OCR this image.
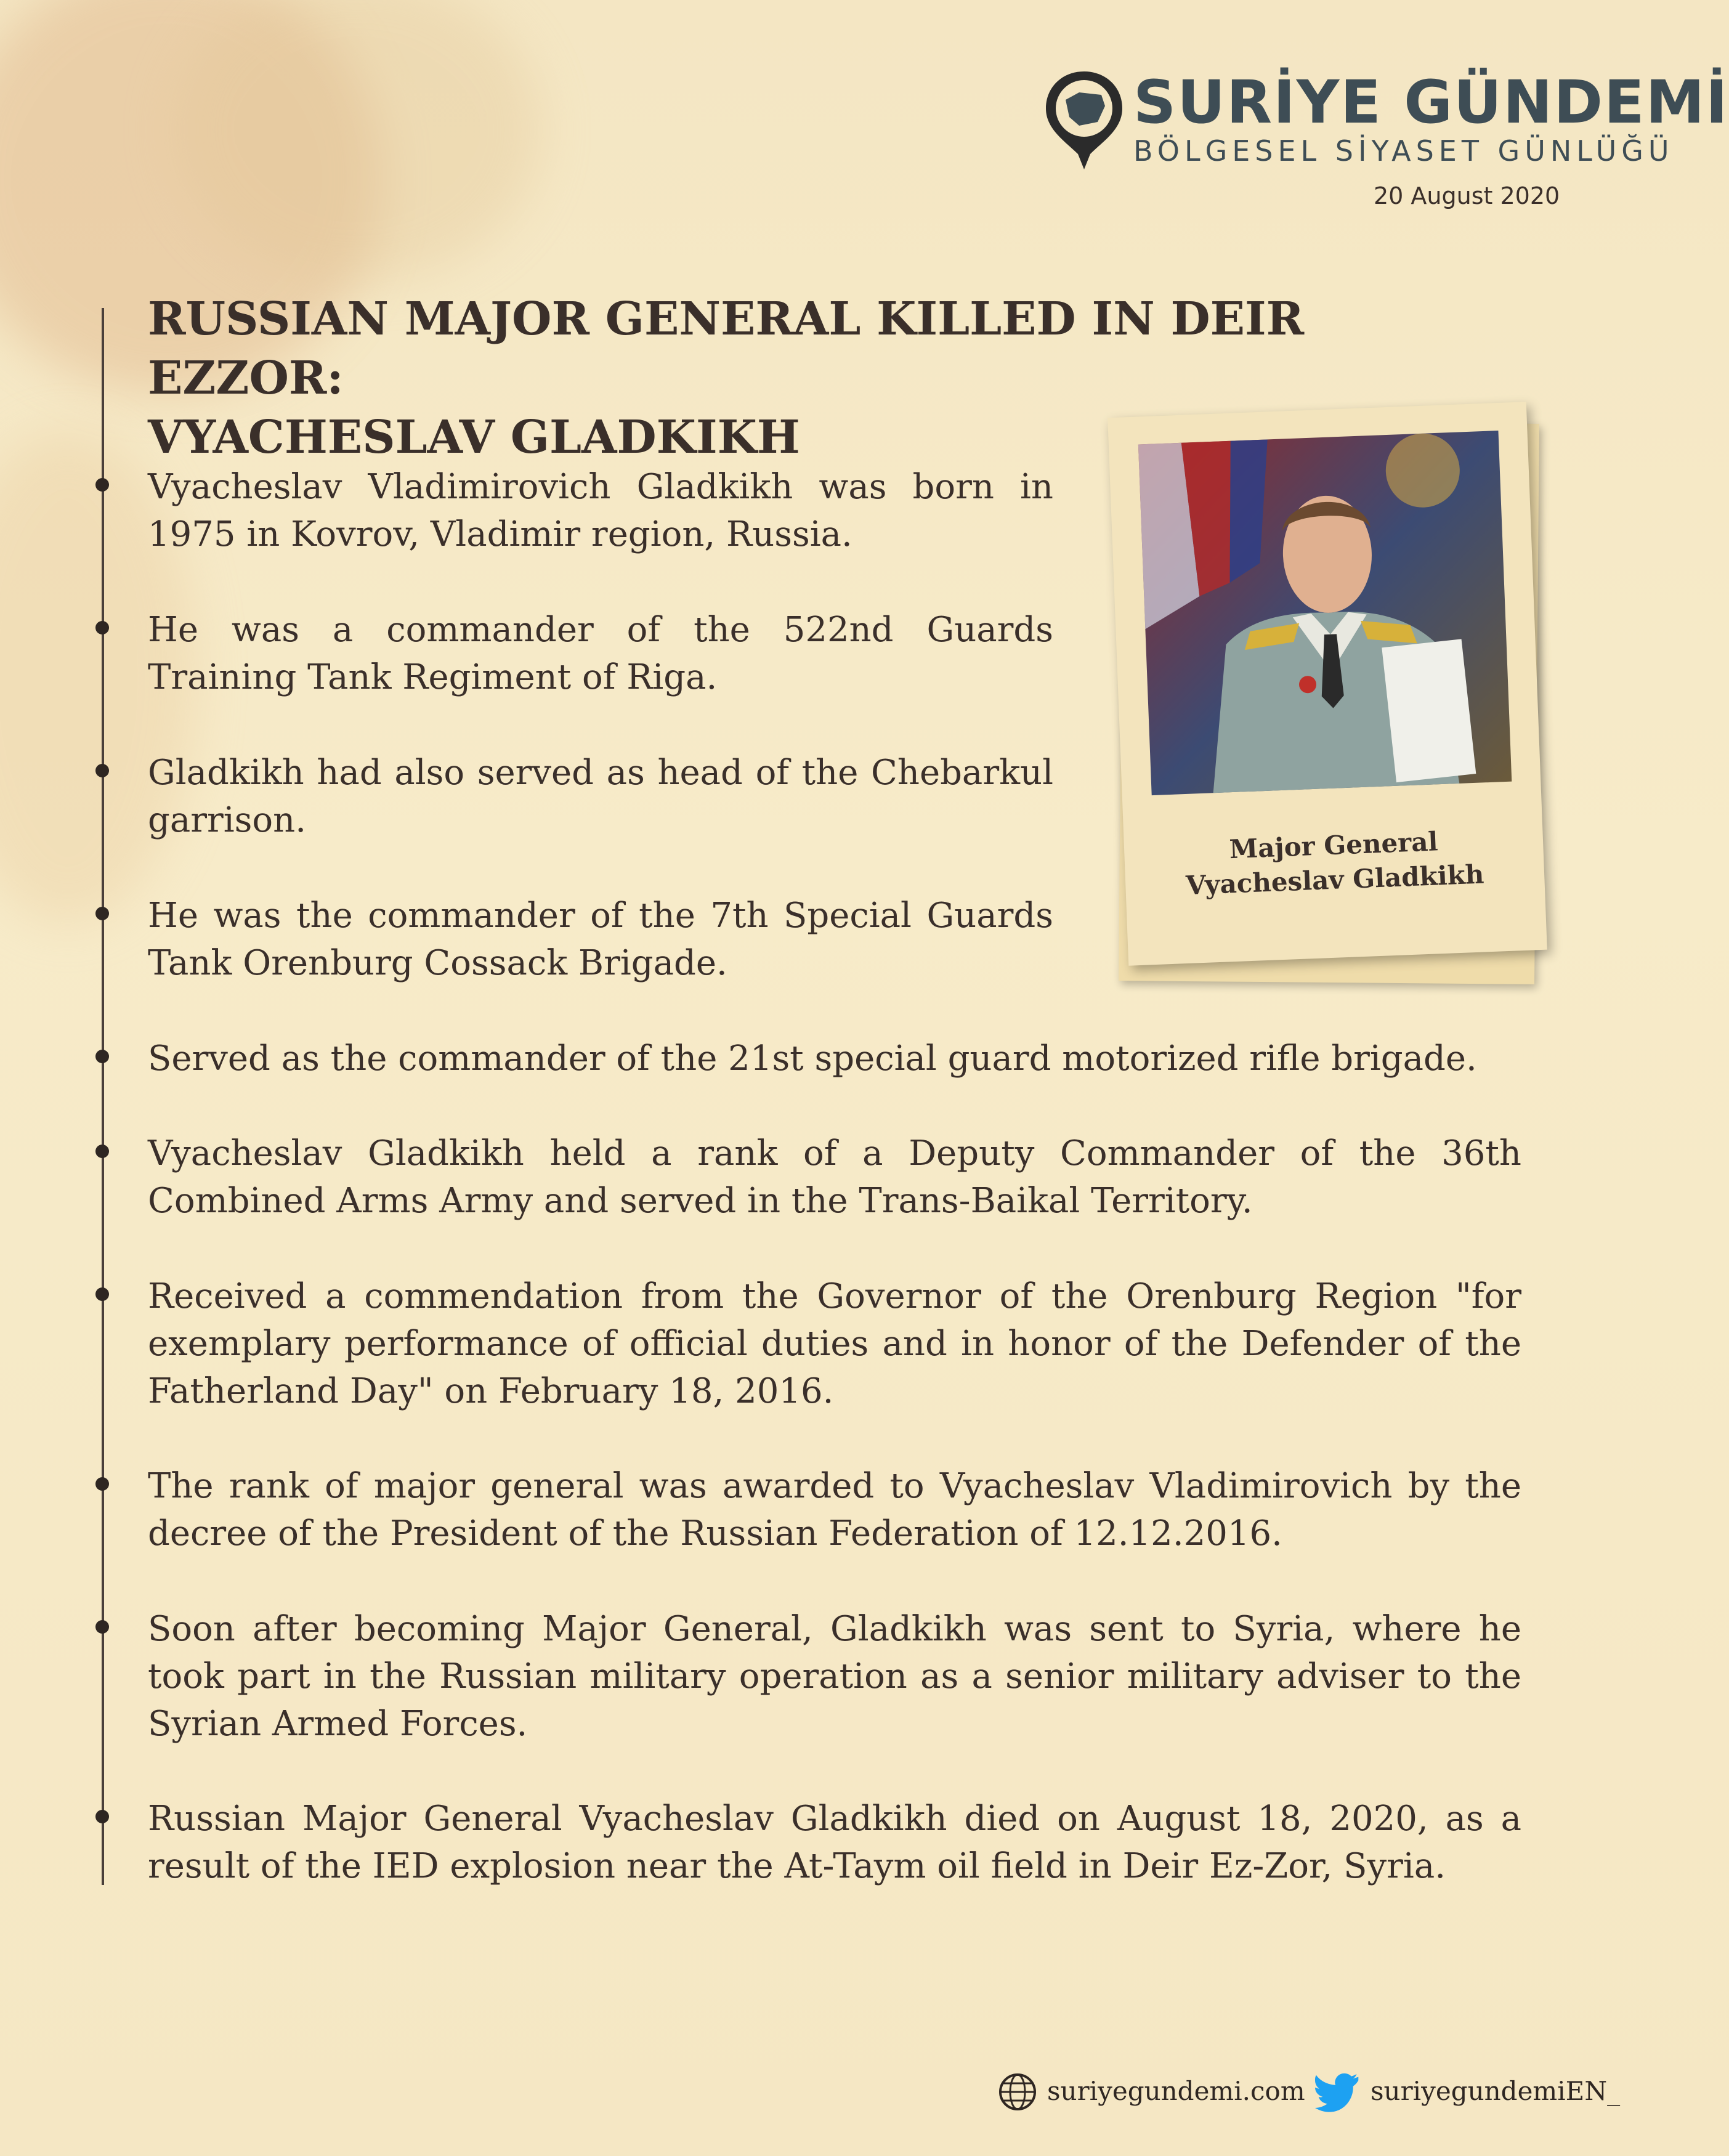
SURİYE GÜNDEMİ
BÖLGESEL SİYASET GÜNLÜĞÜ
20 August 2020
RUSSIAN MAJOR GENERAL KILLED IN DEIR EZZOR:
VYACHESLAV GLADKIKH
Vyacheslav Vladimirovich Gladkikh was born in 1975 in Kovrov, Vladimir region, Russia.
He was a commander of the 522nd Guards Training Tank Regiment of Riga.
Gladkikh had also served as head of the Chebarkul garrison.
He was the commander of the 7th Special Guards Tank Orenburg Cossack Brigade.
Served as the commander of the 21st special guard motorized rifle brigade.
Vyacheslav Gladkikh held a rank of a Deputy Commander of the 36th Combined Arms Army and served in the Trans-Baikal Territory.
Received a commendation from the Governor of the Orenburg Region "for exemplary performance of official duties and in honor of the Defender of the Fatherland Day" on February 18, 2016.
The rank of major general was awarded to Vyacheslav Vladimirovich by the decree of the President of the Russian Federation of 12.12.2016.
Soon after becoming Major General, Gladkikh was sent to Syria, where he took part in the Russian military operation as a senior military adviser to the Syrian Armed Forces.
Russian Major General Vyacheslav Gladkikh died on August 18, 2020, as a result of the IED explosion near the At-Taym oil field in Deir Ez-Zor, Syria.
Major General
Vyacheslav Gladkikh
suriyegundemi.com	suriyegundemiEN_
